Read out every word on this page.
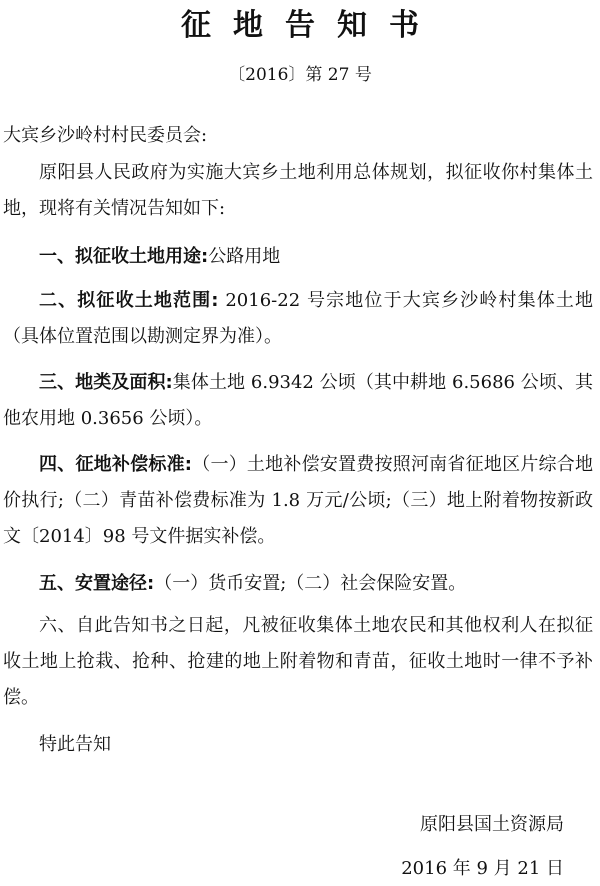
征地告知书
〔2016〕第 27 号
大宾乡沙岭村村民委员会:

原阳县人民政府为实施大宾乡土地利用总体规划，拟征收你村集体土地，现将有关情况告知如下:

一、拟征收土地用途:公路用地

二、拟征收土地范围: 2016-22 号宗地位于大宾乡沙岭村集体土地（具体位置范围以勘测定界为准）。

三、地类及面积:集体土地 6.9342 公顷（其中耕地 6.5686 公顷、其他农用地 0.3656 公顷）。

四、征地补偿标准:（一）土地补偿安置费按照河南省征地区片综合地价执行;（二）青苗补偿费标准为 1.8 万元/公顷;（三）地上附着物按新政文〔2014〕98 号文件据实补偿。

五、安置途径:（一）货币安置;（二）社会保险安置。

六、自此告知书之日起，凡被征收集体土地农民和其他权利人在拟征收土地上抢栽、抢种、抢建的地上附着物和青苗，征收土地时一律不予补偿。

特此告知
原阳县国土资源局
2016 年 9 月 21 日
